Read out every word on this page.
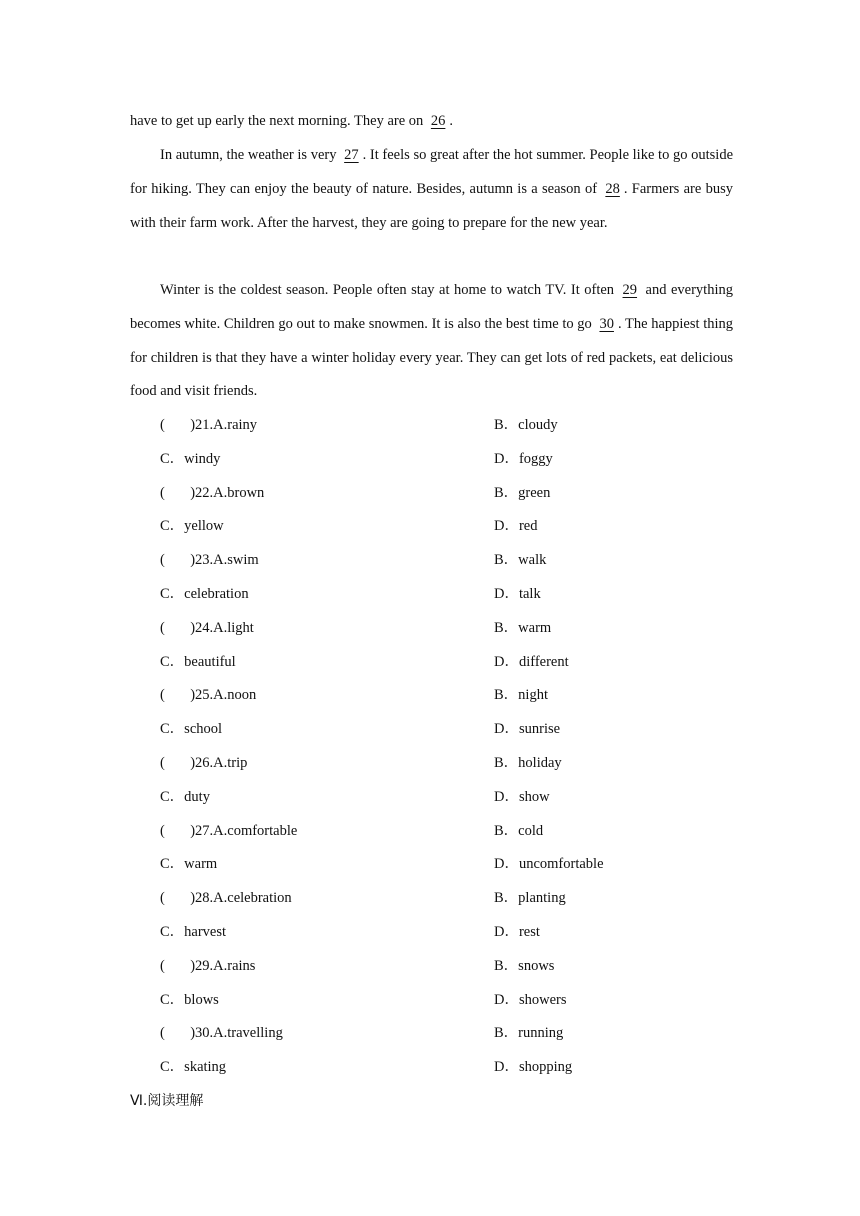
have to get up early the next morning. They are on 26 .

In autumn, the weather is very 27 . It feels so great after the hot summer. People like to go outside for hiking. They can enjoy the beauty of nature. Besides, autumn is a season of 28 . Farmers are busy with their farm work. After the harvest, they are going to prepare for the new year.

Winter is the coldest season. People often stay at home to watch TV. It often 29 and everything becomes white. Children go out to make snowmen. It is also the best time to go 30 . The happiest thing for children is that they have a winter holiday every year. They can get lots of red packets, eat delicious food and visit friends.

(       )21.A.rainy	B．cloudy
C．windy	D．foggy
(       )22.A.brown	B．green
C．yellow	D．red
(       )23.A.swim	B．walk
C．celebration	D．talk
(       )24.A.light	B．warm
C．beautiful	D．different
(       )25.A.noon	B．night
C．school	D．sunrise
(       )26.A.trip	B．holiday
C．duty	D．show
(       )27.A.comfortable	B．cold
C．warm	D．uncomfortable
(       )28.A.celebration	B．planting
C．harvest	D．rest
(       )29.A.rains	B．snows
C．blows	D．showers
(       )30.A.travelling	B．running
C．skating	D．shopping
Ⅵ.阅读理解
